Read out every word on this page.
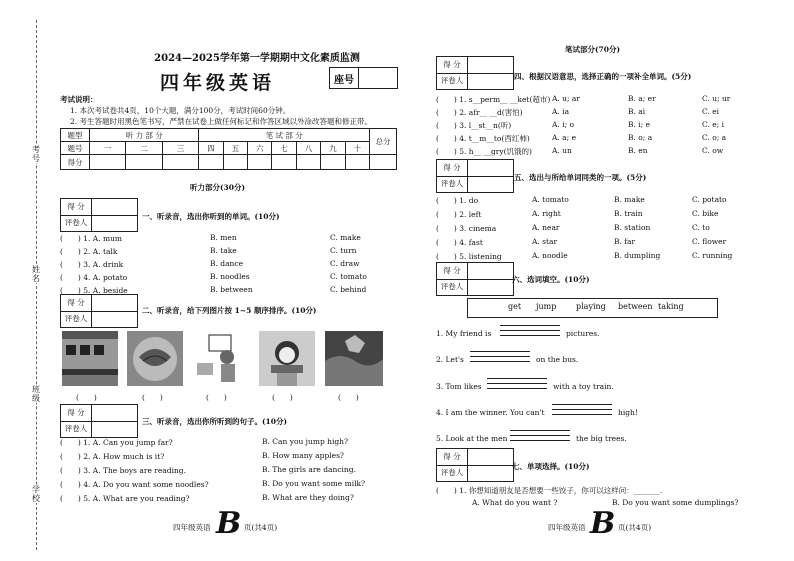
考号
姓名
班级
学校
2024—2025学年第一学期期中文化素质监测
四年级英语	座号
考试说明：
1. 本次考试卷共4页，10个大题，满分100分，考试时间60分钟。
2. 考生答题时用黑色笔书写，严禁在试卷上做任何标记和作答区域以外涂改答题和修正带。
题型	听 力 部 分			笔 试 部 分							总分
题号	一	二	三	四	五	六	七	八	九	十	
得分											
听力部分(30分)
得 分
评卷人
一、听录音，选出你听到的单词。(10分)
(　　) 1. A. mum	B. men	C. make
(　　) 2. A. talk	B. take	C. turn
(　　) 3. A. drink	B. dance	C. draw
(　　) 4. A. potato	B. noodles	C. tomato
(　　) 5. A. beside	B. between	C. behind
得 分
评卷人
二、听录音，给下列图片按 1~5 顺序排序。(10分)
(　　)	(　　)	(　　)	(　　)	(　　)
得 分
评卷人
三、听录音，选出你所听到的句子。(10分)
(　　) 1. A. Can you jump far?	B. Can you jump high?
(　　) 2. A. How much is it?	B. How many apples?
(　　) 3. A. The boys are reading.	B. The girls are dancing.
(　　) 4. A. Do you want some noodles?	B. Do you want some milk?
(　　) 5. A. What are you reading?	B. What are they doing?
四年级英语 B 页(共4页)
笔试部分(70分)
得 分
评卷人	四、根据汉语意思，选择正确的一项补全单词。(5分)
(　　) 1. s__perm__ __ket(超市) A. u; ar	B. a; er	C. u; ur
(　　) 2. afr__ __d(害怕)	A. ia	B. ai	C. ei
(　　) 3. l__st__n(听)	A. i; o	B. i; e	C. e; i
(　　) 4. t__m__to(西红柿)	A. a; e	B. o; a	C. o; a
(　　) 5. h__ __gry(饥饿的)	A. un	B. en	C. ow
得 分
评卷人
五、选出与所给单词同类的一项。(5分)
(　　) 1. do	A. tomato	B. make	C. potato
(　　) 2. left	A. right	B. train	C. bike
(　　) 3. cinema	A. near	B. station	C. to
(　　) 4. fast	A. star	B. far	C. flower
(　　) 5. listening	A. noodle	B. dumpling	C. running
得 分
评卷人
六、选词填空。(10分)
get jump playing between taking
1. My friend is	pictures.
2. Let's	on the bus.
3. Tom likes	with a toy train.
4. I am the winner. You can't	high!
5. Look at the men	the big trees.
得 分
评卷人
七、单项选择。(10分)
(　　) 1. 你想知道朋友是否想要一些饺子，你可以这样问：_______.
A. What do you want ?	B. Do you want some dumplings?
四年级英语 B 页(共4页)
